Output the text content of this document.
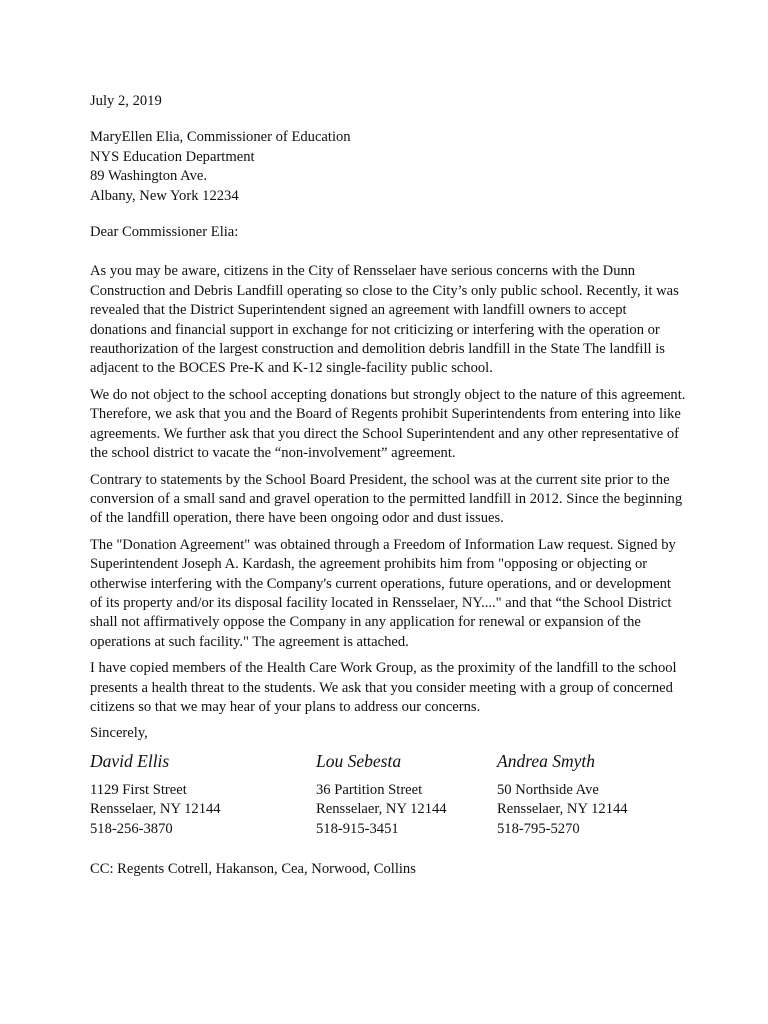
July 2, 2019
MaryEllen Elia, Commissioner of Education
NYS Education Department
89 Washington Ave.
Albany, New York 12234
Dear Commissioner Elia:

As you may be aware, citizens in the City of Rensselaer have serious concerns with the Dunn Construction and Debris Landfill operating so close to the City’s only public school. Recently, it was revealed that the District Superintendent signed an agreement with landfill owners to accept donations and financial support in exchange for not criticizing or interfering with the operation or reauthorization of the largest construction and demolition debris landfill in the State The landfill is adjacent to the BOCES Pre-K and K-12 single-facility public school.

We do not object to the school accepting donations but strongly object to the nature of this agreement. Therefore, we ask that you and the Board of Regents prohibit Superintendents from entering into like agreements. We further ask that you direct the School Superintendent and any other representative of the school district to vacate the “non-involvement” agreement.

Contrary to statements by the School Board President, the school was at the current site prior to the conversion of a small sand and gravel operation to the permitted landfill in 2012. Since the beginning of the landfill operation, there have been ongoing odor and dust issues.

The "Donation Agreement" was obtained through a Freedom of Information Law request. Signed by Superintendent Joseph A. Kardash, the agreement prohibits him from "opposing or objecting or otherwise interfering with the Company's current operations, future operations, and or development of its property and/or its disposal facility located in Rensselaer, NY...." and that “the School District shall not affirmatively oppose the Company in any application for renewal or expansion of the operations at such facility." The agreement is attached.

I have copied members of the Health Care Work Group, as the proximity of the landfill to the school presents a health threat to the students. We ask that you consider meeting with a group of concerned citizens so that we may hear of your plans to address our concerns.

Sincerely,
David Ellis
1129 First Street
Rensselaer, NY 12144
518-256-3870
Lou Sebesta
36 Partition Street
Rensselaer, NY 12144
518-915-3451
Andrea Smyth
50 Northside Ave
Rensselaer, NY 12144
518-795-5270
CC: Regents Cotrell, Hakanson, Cea, Norwood, Collins
